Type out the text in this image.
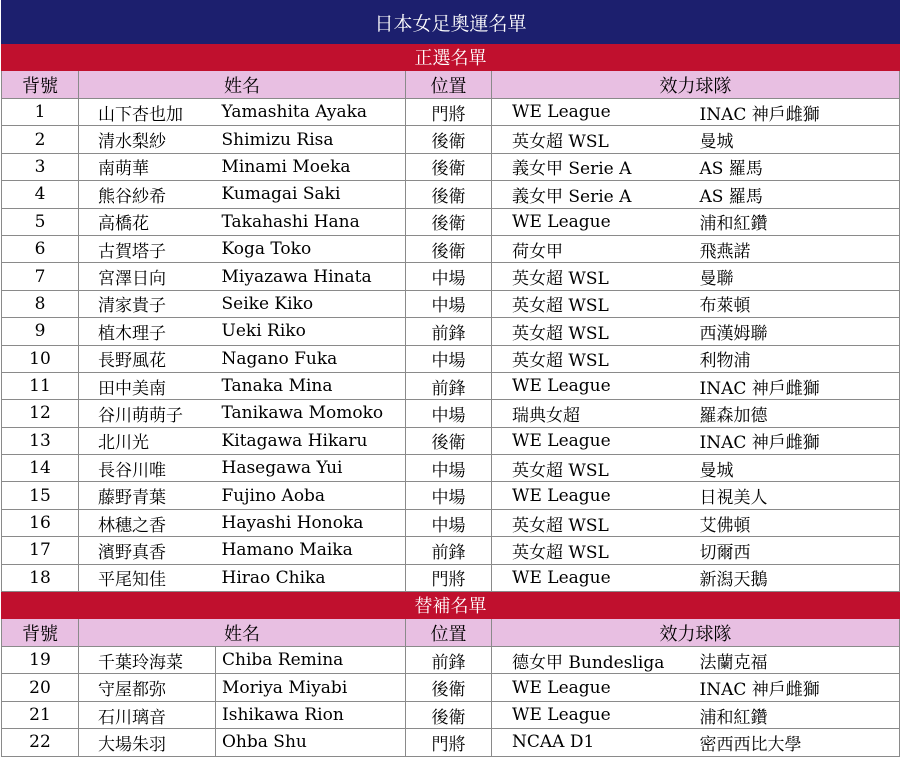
日本女足奧運名單					
正選名單					
背號	姓名		位置	效力球隊	
1	山下杏也加	Yamashita Ayaka	門將	WE League	INAC 神戶雌獅
2	清水梨紗	Shimizu Risa	後衛	英女超 WSL	曼城
3	南萌華	Minami Moeka	後衛	義女甲 Serie A	AS 羅馬
4	熊谷紗希	Kumagai Saki	後衛	義女甲 Serie A	AS 羅馬
5	高橋花	Takahashi Hana	後衛	WE League	浦和紅鑽
6	古賀塔子	Koga Toko	後衛	荷女甲	飛燕諾
7	宮澤日向	Miyazawa Hinata	中場	英女超 WSL	曼聯
8	清家貴子	Seike Kiko	中場	英女超 WSL	布萊頓
9	植木理子	Ueki Riko	前鋒	英女超 WSL	西漢姆聯
10	長野風花	Nagano Fuka	中場	英女超 WSL	利物浦
11	田中美南	Tanaka Mina	前鋒	WE League	INAC 神戶雌獅
12	谷川萌萌子	Tanikawa Momoko	中場	瑞典女超	羅森加德
13	北川光	Kitagawa Hikaru	後衛	WE League	INAC 神戶雌獅
14	長谷川唯	Hasegawa Yui	中場	英女超 WSL	曼城
15	藤野青葉	Fujino Aoba	中場	WE League	日視美人
16	林穗之香	Hayashi Honoka	中場	英女超 WSL	艾佛頓
17	濱野真香	Hamano Maika	前鋒	英女超 WSL	切爾西
18	平尾知佳	Hirao Chika	門將	WE League	新潟天鵝
替補名單					
背號	姓名		位置	效力球隊	
19	千葉玲海菜	Chiba Remina	前鋒	德女甲 Bundesliga	法蘭克福
20	守屋都弥	Moriya Miyabi	後衛	WE League	INAC 神戶雌獅
21	石川璃音	Ishikawa Rion	後衛	WE League	浦和紅鑽
22	大場朱羽	Ohba Shu	門將	NCAA D1	密西西比大學
